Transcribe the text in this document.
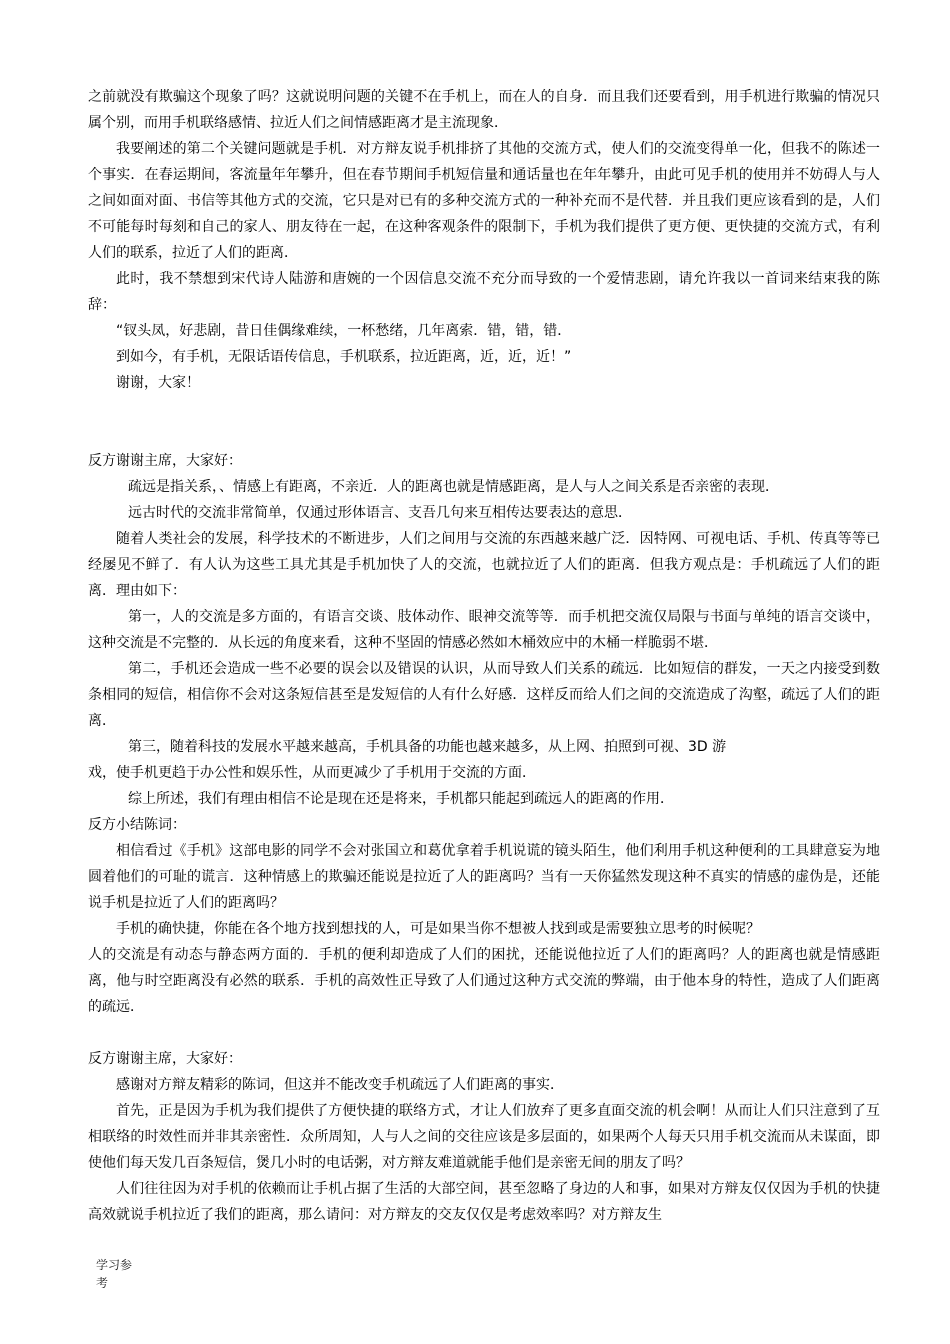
之前就没有欺骗这个现象了吗？这就说明问题的关键不在手机上，而在人的自身．而且我们还要看到，用手机进行欺骗的情况只属个别，而用手机联络感情、拉近人们之间情感距离才是主流现象．

我要阐述的第二个关键问题就是手机．对方辩友说手机排挤了其他的交流方式，使人们的交流变得单一化，但我不的陈述一个事实．在春运期间，客流量年年攀升，但在春节期间手机短信量和通话量也在年年攀升，由此可见手机的使用并不妨碍人与人之间如面对面、书信等其他方式的交流，它只是对已有的多种交流方式的一种补充而不是代替．并且我们更应该看到的是，人们不可能每时每刻和自己的家人、朋友待在一起，在这种客观条件的限制下，手机为我们提供了更方便、更快捷的交流方式，有利人们的联系，拉近了人们的距离．

此时，我不禁想到宋代诗人陆游和唐婉的一个因信息交流不充分而导致的一个爱情悲剧，请允许我以一首词来结束我的陈辞：

“钗头凤，好悲剧，昔日佳偶缘难续，一杯愁绪，几年离索．错，错，错．

到如今，有手机，无限话语传信息，手机联系，拉近距离，近，近，近！”

谢谢，大家！

反方谢谢主席，大家好：

疏远是指关系，、情感上有距离，不亲近．人的距离也就是情感距离，是人与人之间关系是否亲密的表现．

远古时代的交流非常简单，仅通过形体语言、支吾几句来互相传达要表达的意思．

随着人类社会的发展，科学技术的不断进步，人们之间用与交流的东西越来越广泛．因特网、可视电话、手机、传真等等已经屡见不鲜了．有人认为这些工具尤其是手机加快了人的交流，也就拉近了人们的距离．但我方观点是：手机疏远了人们的距离．理由如下：

第一，人的交流是多方面的，有语言交谈、肢体动作、眼神交流等等．而手机把交流仅局限与书面与单纯的语言交谈中，这种交流是不完整的．从长远的角度来看，这种不坚固的情感必然如木桶效应中的木桶一样脆弱不堪．

第二，手机还会造成一些不必要的误会以及错误的认识，从而导致人们关系的疏远．比如短信的群发，一天之内接受到数条相同的短信，相信你不会对这条短信甚至是发短信的人有什么好感．这样反而给人们之间的交流造成了沟壑，疏远了人们的距离．

第三，随着科技的发展水平越来越高，手机具备的功能也越来越多，从上网、拍照到可视、3D 游

戏，使手机更趋于办公性和娱乐性，从而更减少了手机用于交流的方面．

综上所述，我们有理由相信不论是现在还是将来，手机都只能起到疏远人的距离的作用．

反方小结陈词：

相信看过《手机》这部电影的同学不会对张国立和葛优拿着手机说谎的镜头陌生，他们利用手机这种便利的工具肆意妄为地圆着他们的可耻的谎言．这种情感上的欺骗还能说是拉近了人的距离吗？当有一天你猛然发现这种不真实的情感的虚伪是，还能说手机是拉近了人们的距离吗？

手机的确快捷，你能在各个地方找到想找的人，可是如果当你不想被人找到或是需要独立思考的时候呢？

人的交流是有动态与静态两方面的．手机的便利却造成了人们的困扰，还能说他拉近了人们的距离吗？人的距离也就是情感距离，他与时空距离没有必然的联系．手机的高效性正导致了人们通过这种方式交流的弊端，由于他本身的特性，造成了人们距离的疏远．

反方谢谢主席，大家好：

感谢对方辩友精彩的陈词，但这并不能改变手机疏远了人们距离的事实．

首先，正是因为手机为我们提供了方便快捷的联络方式，才让人们放弃了更多直面交流的机会啊！从而让人们只注意到了互相联络的时效性而并非其亲密性．众所周知，人与人之间的交往应该是多层面的，如果两个人每天只用手机交流而从未谋面，即使他们每天发几百条短信，煲几小时的电话粥，对方辩友难道就能手他们是亲密无间的朋友了吗？

人们往往因为对手机的依赖而让手机占据了生活的大部空间，甚至忽略了身边的人和事，如果对方辩友仅仅因为手机的快捷高效就说手机拉近了我们的距离，那么请问：对方辩友的交友仅仅是考虑效率吗？对方辩友生

学习参
考
